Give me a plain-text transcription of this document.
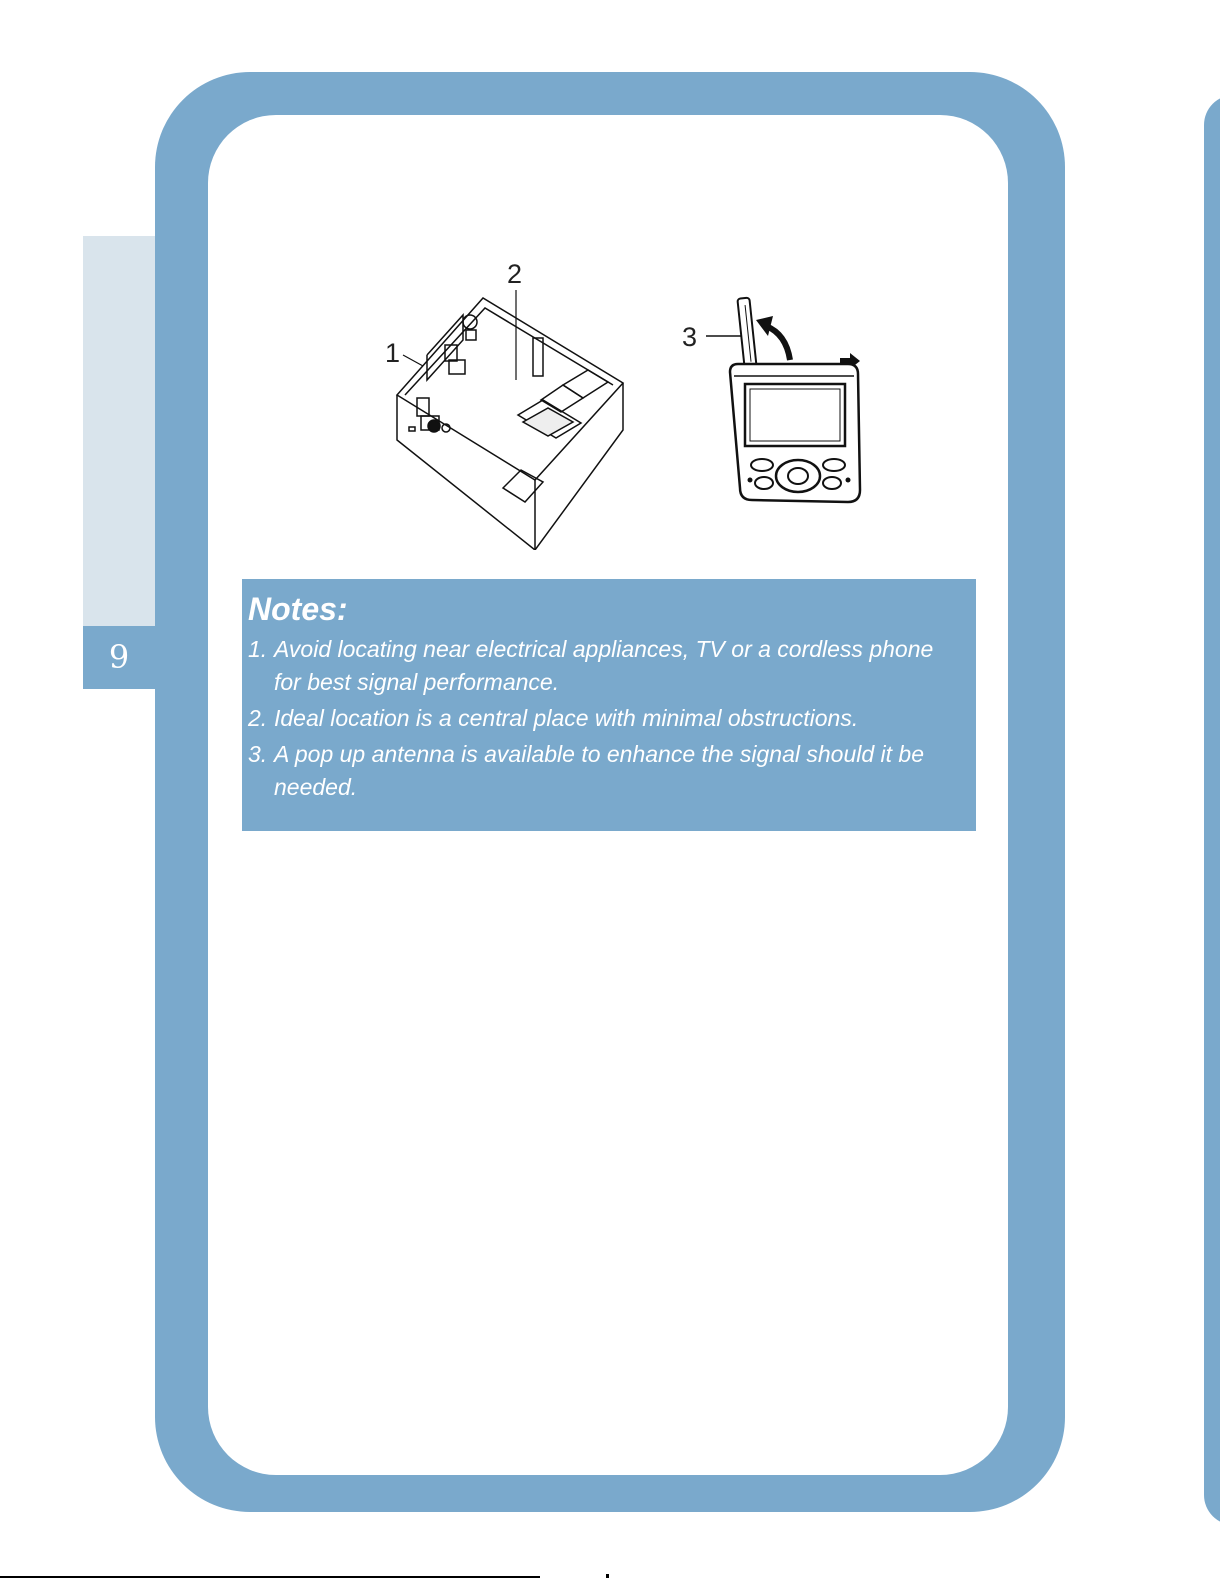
9
1
2
3
Notes:
1. Avoid locating near electrical appliances, TV or a cordless phone for best signal performance.
2. Ideal location is a central place with minimal obstructions.
3. A pop up antenna is available to enhance the signal should it be needed.
